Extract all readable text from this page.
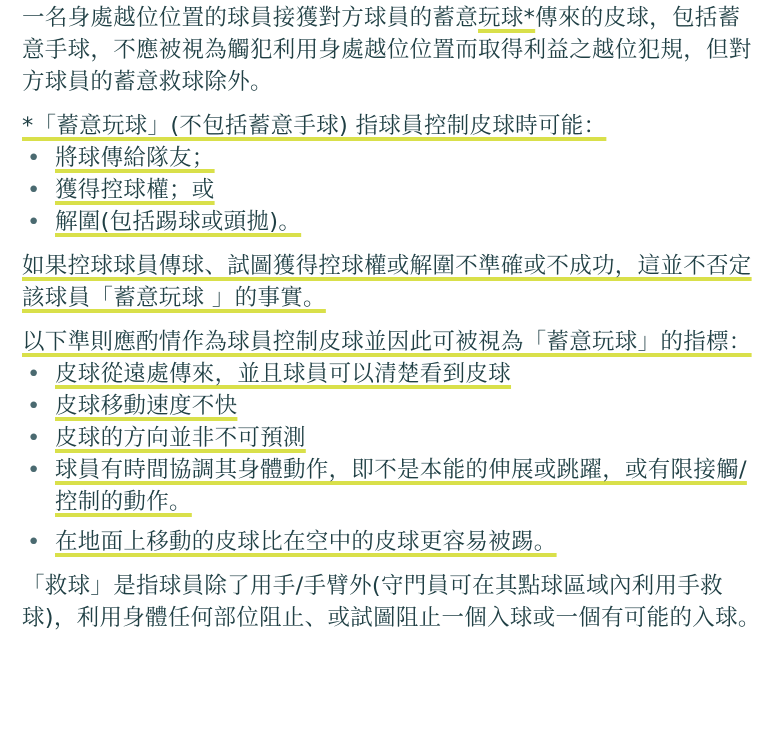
一名身處越位位置的球員接獲對方球員的蓄意玩球*傳來的皮球，包括蓄意手球，不應被視為觸犯利用身處越位位置而取得利益之越位犯規，但對方球員的蓄意救球除外。

*「蓄意玩球」(不包括蓄意手球) 指球員控制皮球時可能：

• 將球傳給隊友；
• 獲得控球權；或
• 解圍(包括踢球或頭拋)。

如果控球球員傳球、試圖獲得控球權或解圍不準確或不成功，這並不否定該球員「蓄意玩球 」的事實。

以下準則應酌情作為球員控制皮球並因此可被視為「蓄意玩球」的指標：

• 皮球從遠處傳來，並且球員可以清楚看到皮球
• 皮球移動速度不快
• 皮球的方向並非不可預測
• 球員有時間協調其身體動作，即不是本能的伸展或跳躍，或有限接觸/控制的動作。
• 在地面上移動的皮球比在空中的皮球更容易被踢。

「救球」是指球員除了用手/手臂外(守門員可在其點球區域內利用手救球)，利用身體任何部位阻止、或試圖阻止一個入球或一個有可能的入球。
